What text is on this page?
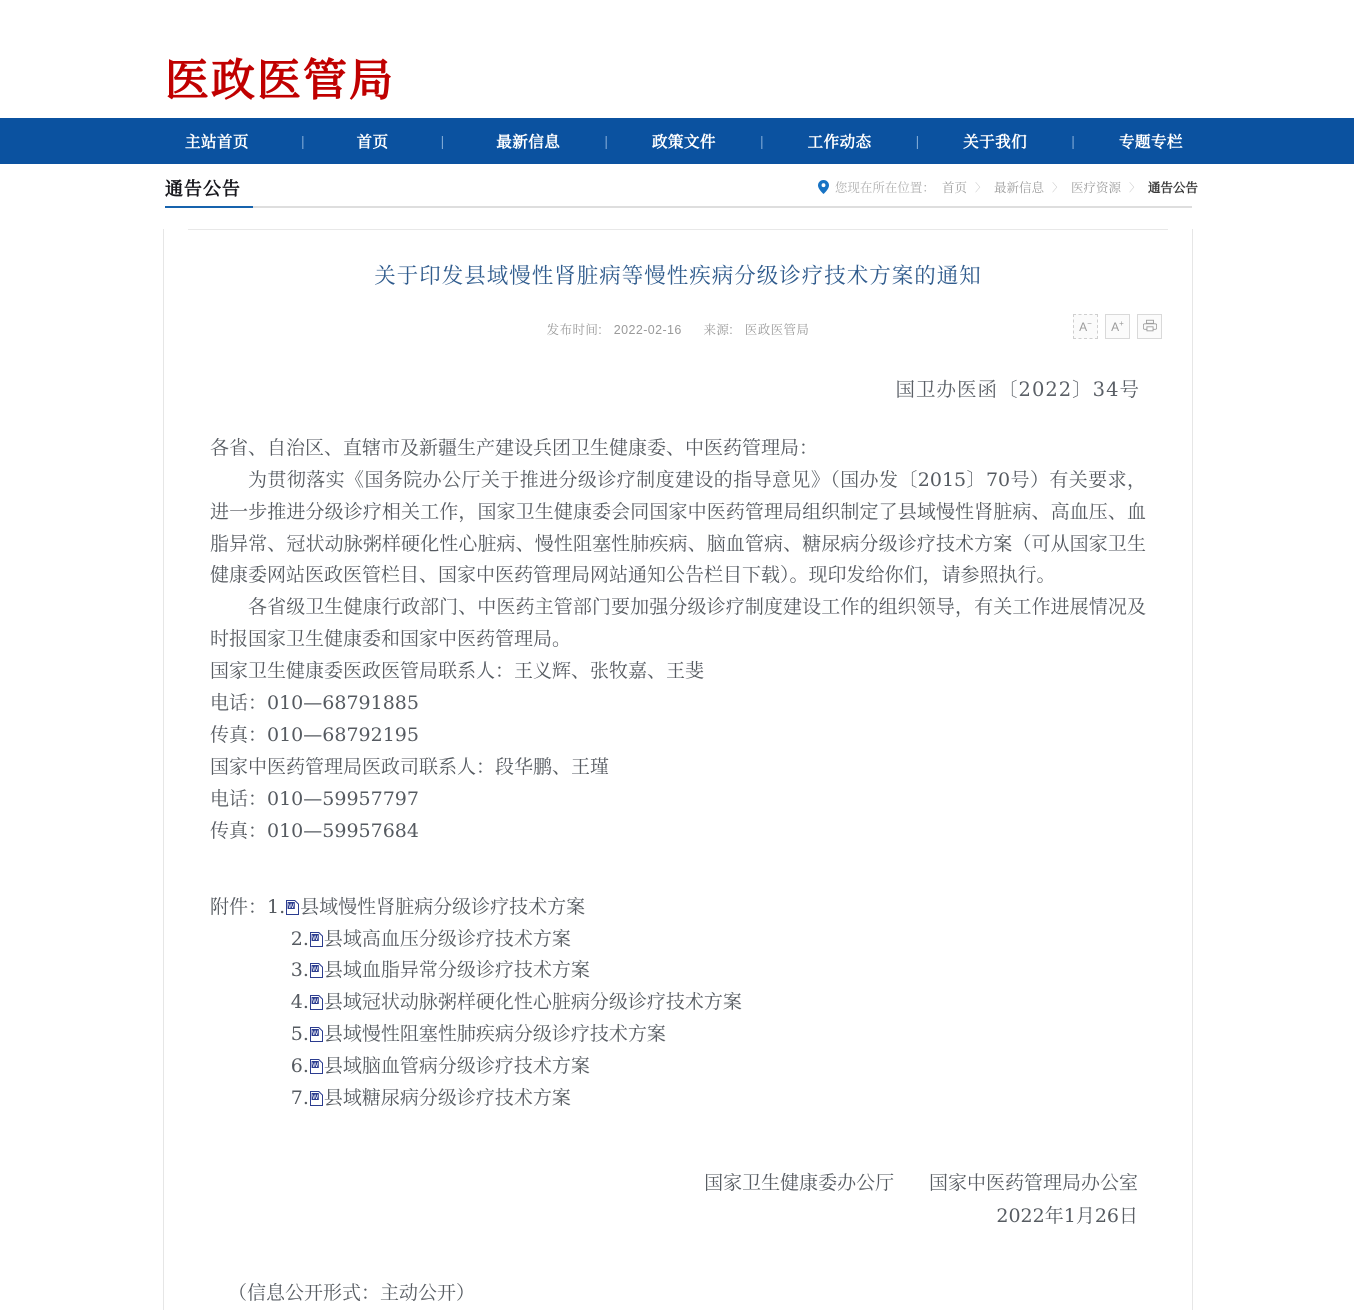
医政医管局
主站首页	|	首页	|	最新信息	|	政策文件	|	工作动态	|	关于我们	|	专题专栏
通告公告	您现在所在位置： 首页 〉 最新信息 〉 医疗资源 〉 通告公告
关于印发县域慢性肾脏病等慢性疾病分级诊疗技术方案的通知
发布时间: 2022-02-16 来源: 医政医管局	A− A+
国卫办医函〔2022〕34号

各省、自治区、直辖市及新疆生产建设兵团卫生健康委、中医药管理局：

为贯彻落实《国务院办公厅关于推进分级诊疗制度建设的指导意见》（国办发〔2015〕70号）有关要求，进一步推进分级诊疗相关工作，国家卫生健康委会同国家中医药管理局组织制定了县域慢性肾脏病、高血压、血脂异常、冠状动脉粥样硬化性心脏病、慢性阻塞性肺疾病、脑血管病、糖尿病分级诊疗技术方案（可从国家卫生健康委网站医政医管栏目、国家中医药管理局网站通知公告栏目下载）。现印发给你们，请参照执行。

各省级卫生健康行政部门、中医药主管部门要加强分级诊疗制度建设工作的组织领导，有关工作进展情况及时报国家卫生健康委和国家中医药管理局。

国家卫生健康委医政医管局联系人：王义辉、张牧嘉、王斐

电话：010—68791885

传真：010—68792195

国家中医药管理局医政司联系人：段华鹏、王瑾

电话：010—59957797

传真：010—59957684

附件： 1. W 县域慢性肾脏病分级诊疗技术方案
2. W 县域高血压分级诊疗技术方案
3. W 县域血脂异常分级诊疗技术方案
4. W 县域冠状动脉粥样硬化性心脏病分级诊疗技术方案
5. W 县域慢性阻塞性肺疾病分级诊疗技术方案
6. W 县域脑血管病分级诊疗技术方案
7. W 县域糖尿病分级诊疗技术方案
国家卫生健康委办公厅 国家中医药管理局办公室
2022年1月26日
（信息公开形式：主动公开）
